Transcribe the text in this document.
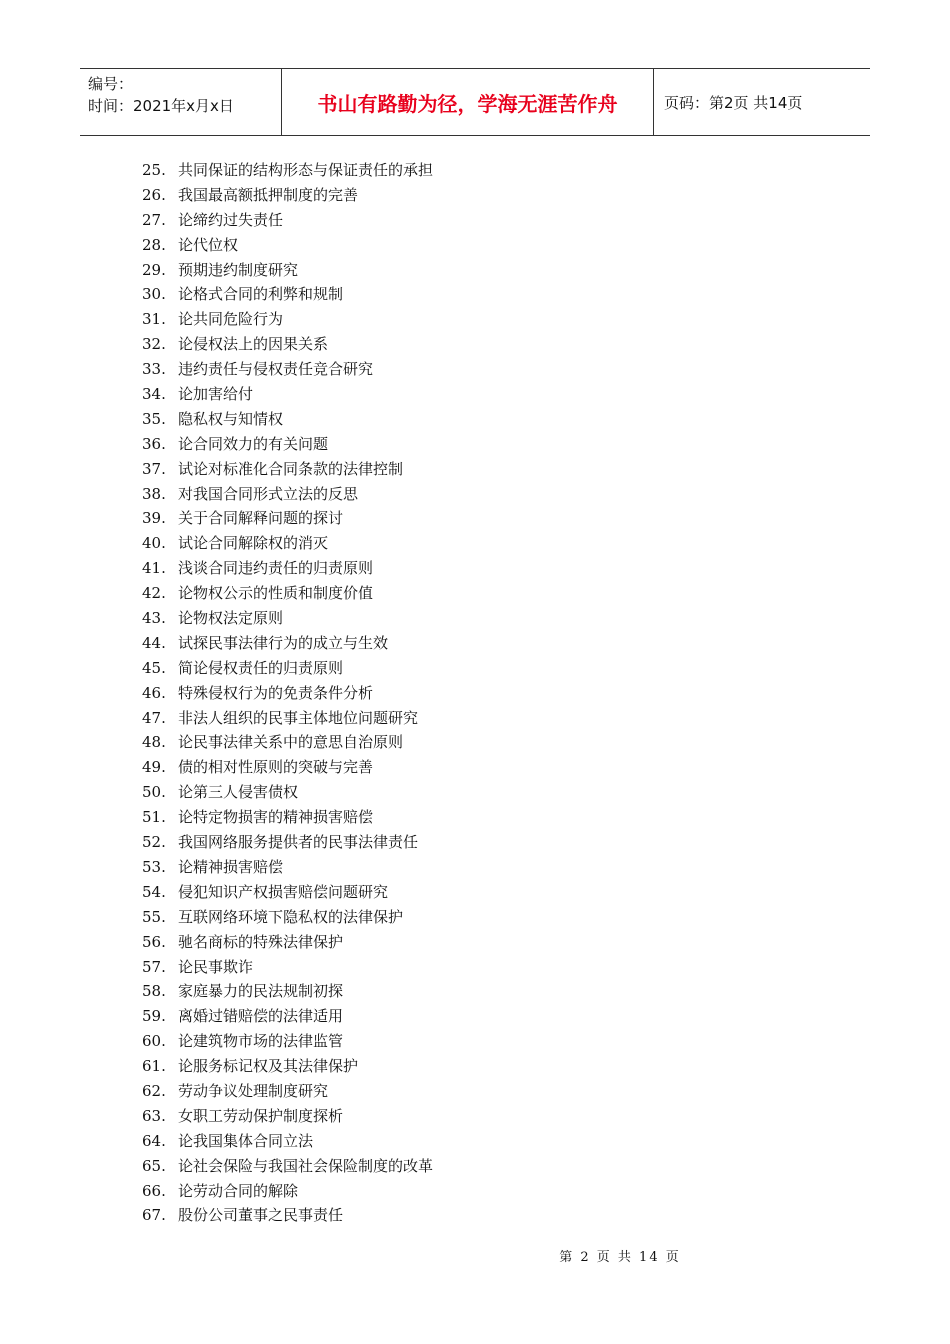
编号：
时间：2021年x月x日	书山有路勤为径，学海无涯苦作舟	页码：第2页 共14页
25. 共同保证的结构形态与保证责任的承担
26. 我国最高额抵押制度的完善
27. 论缔约过失责任
28. 论代位权
29. 预期违约制度研究
30. 论格式合同的利弊和规制
31. 论共同危险行为
32. 论侵权法上的因果关系
33. 违约责任与侵权责任竞合研究
34. 论加害给付
35. 隐私权与知情权
36. 论合同效力的有关问题
37. 试论对标准化合同条款的法律控制
38. 对我国合同形式立法的反思
39. 关于合同解释问题的探讨
40. 试论合同解除权的消灭
41. 浅谈合同违约责任的归责原则
42. 论物权公示的性质和制度价值
43. 论物权法定原则
44. 试探民事法律行为的成立与生效
45. 简论侵权责任的归责原则
46. 特殊侵权行为的免责条件分析
47. 非法人组织的民事主体地位问题研究
48. 论民事法律关系中的意思自治原则
49. 债的相对性原则的突破与完善
50. 论第三人侵害债权
51. 论特定物损害的精神损害赔偿
52. 我国网络服务提供者的民事法律责任
53. 论精神损害赔偿
54. 侵犯知识产权损害赔偿问题研究
55. 互联网络环境下隐私权的法律保护
56. 驰名商标的特殊法律保护
57. 论民事欺诈
58. 家庭暴力的民法规制初探
59. 离婚过错赔偿的法律适用
60. 论建筑物市场的法律监管
61. 论服务标记权及其法律保护
62. 劳动争议处理制度研究
63. 女职工劳动保护制度探析
64. 论我国集体合同立法
65. 论社会保险与我国社会保险制度的改革
66. 论劳动合同的解除
67. 股份公司董事之民事责任
第 2 页 共 14 页
